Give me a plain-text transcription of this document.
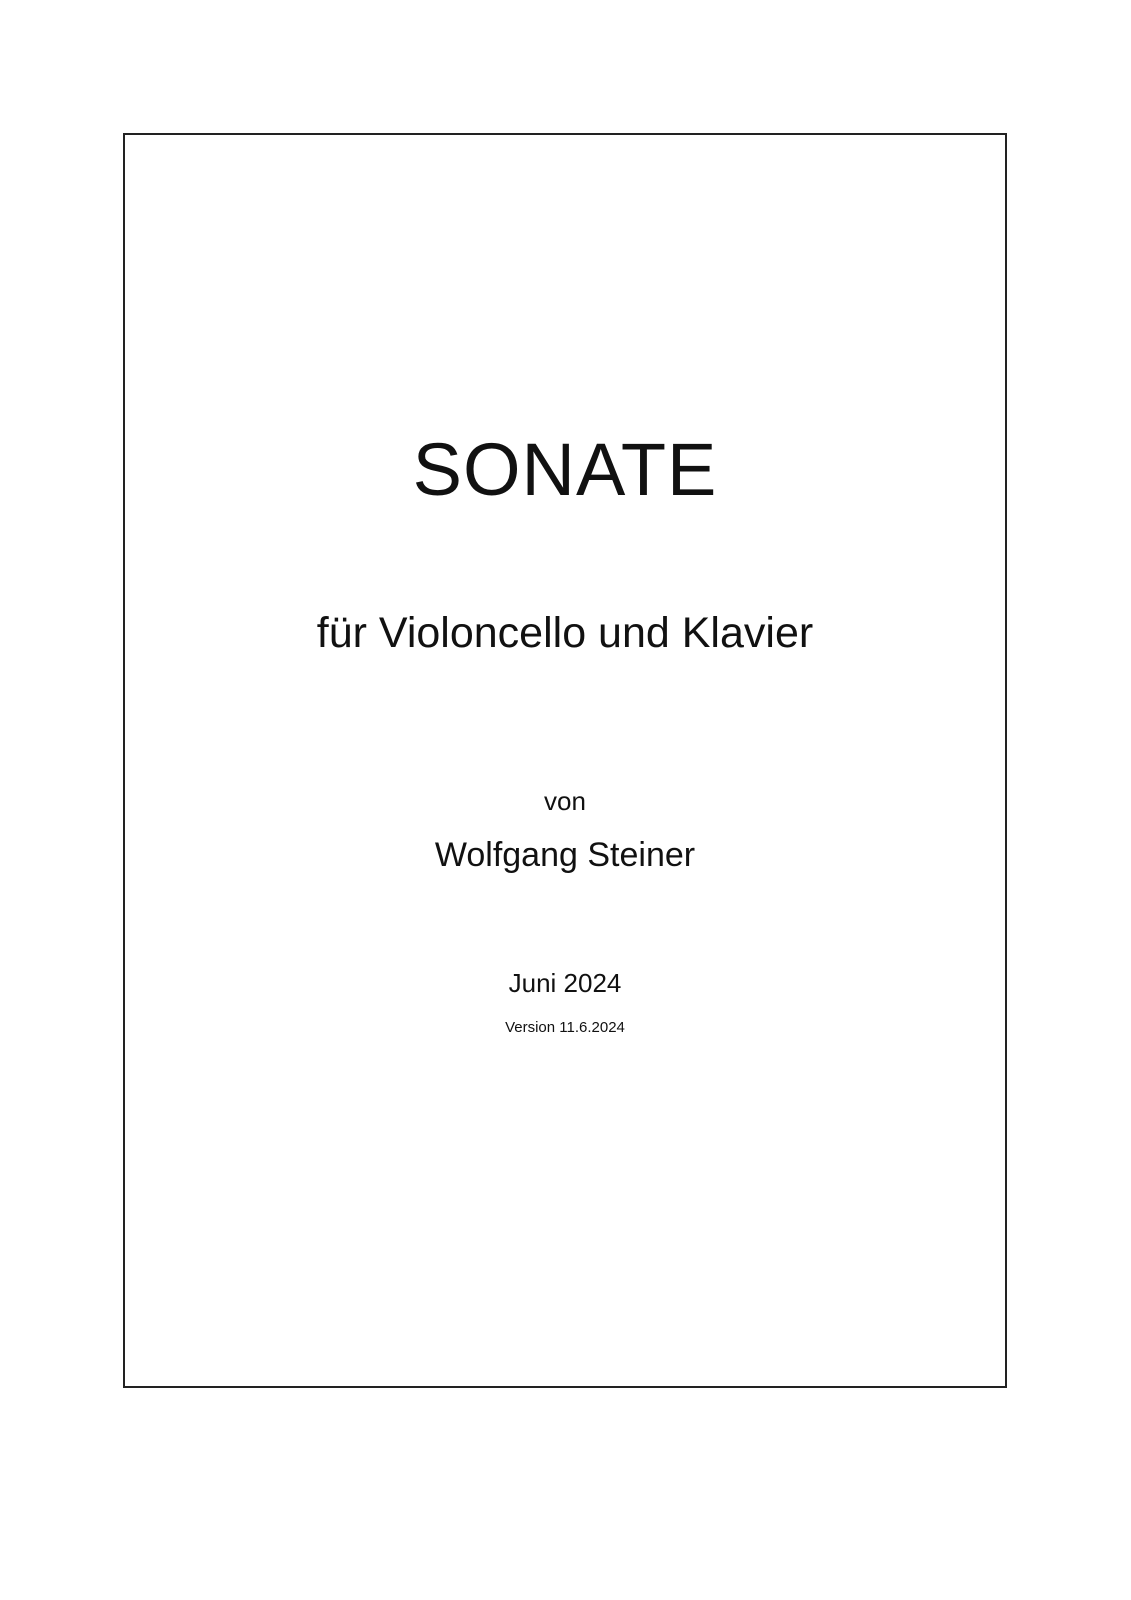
SONATE
für Violoncello und Klavier
von
Wolfgang Steiner
Juni 2024
Version 11.6.2024
